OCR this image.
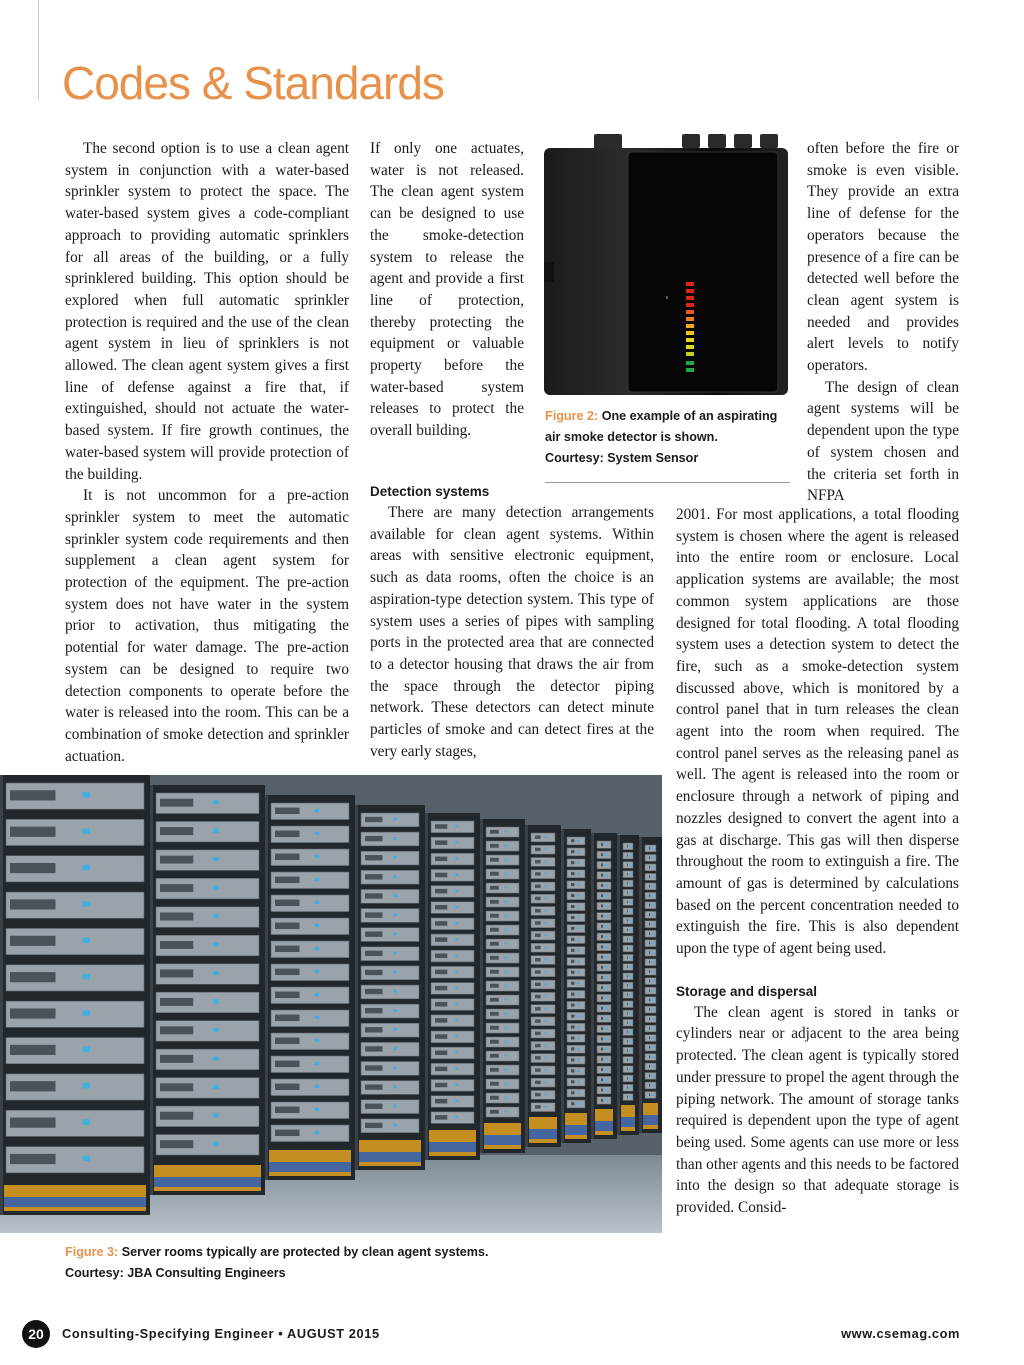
Codes & Standards

The second option is to use a clean agent system in conjunction with a water-based sprinkler system to protect the space. The water-based system gives a code-compliant approach to providing automatic sprinklers for all areas of the building, or a fully sprinklered building. This option should be explored when full automatic sprinkler protection is required and the use of the clean agent system in lieu of sprinklers is not allowed. The clean agent system gives a first line of defense against a fire that, if extinguished, should not actuate the water-based system. If fire growth continues, the water-based system will provide protection of the building.

It is not uncommon for a pre-action sprinkler system to meet the automatic sprinkler system code requirements and then supplement a clean agent system for protection of the equipment. The pre-action system does not have water in the system prior to activation, thus mitigating the potential for water damage. The pre-action system can be designed to require two detection components to operate before the water is released into the room. This can be a combination of smoke detection and sprinkler actuation.

If only one actuates, water is not released. The clean agent system can be designed to use the smoke-detection system to release the agent and provide a first line of protection, thereby protecting the equipment or valuable property before the water-based system releases to protect the overall building.

Figure 2: One example of an aspirating air smoke detector is shown.
Courtesy: System Sensor

Detection systems

There are many detection arrangements available for clean agent systems. Within areas with sensitive electronic equipment, such as data rooms, often the choice is an aspiration-type detection system. This type of system uses a series of pipes with sampling ports in the protected area that are connected to a detector housing that draws the air from the space through the detector piping network. These detectors can detect minute particles of smoke and can detect fires at the very early stages,

often before the fire or smoke is even visible. They provide an extra line of defense for the operators because the presence of a fire can be detected well before the clean agent system is needed and provides alert levels to notify operators.

The design of clean agent systems will be dependent upon the type of system chosen and the criteria set forth in NFPA

2001. For most applications, a total flooding system is chosen where the agent is released into the entire room or enclosure. Local application systems are available; the most common system applications are those designed for total flooding. A total flooding system uses a detection system to detect the fire, such as a smoke-detection system discussed above, which is monitored by a control panel that in turn releases the clean agent into the room when required. The control panel serves as the releasing panel as well. The agent is released into the room or enclosure through a network of piping and nozzles designed to convert the agent into a gas at discharge. This gas will then disperse throughout the room to extinguish a fire. The amount of gas is determined by calculations based on the percent concentration needed to extinguish the fire. This is also dependent upon the type of agent being used.

Storage and dispersal

The clean agent is stored in tanks or cylinders near or adjacent to the area being protected. The clean agent is typically stored under pressure to propel the agent through the piping network. The amount of storage tanks required is dependent upon the type of agent being used. Some agents can use more or less than other agents and this needs to be factored into the design so that adequate storage is provided. Consid-

Figure 3: Server rooms typically are protected by clean agent systems.
Courtesy: JBA Consulting Engineers
20	Consulting-Specifying Engineer • AUGUST 2015	www.csemag.com
